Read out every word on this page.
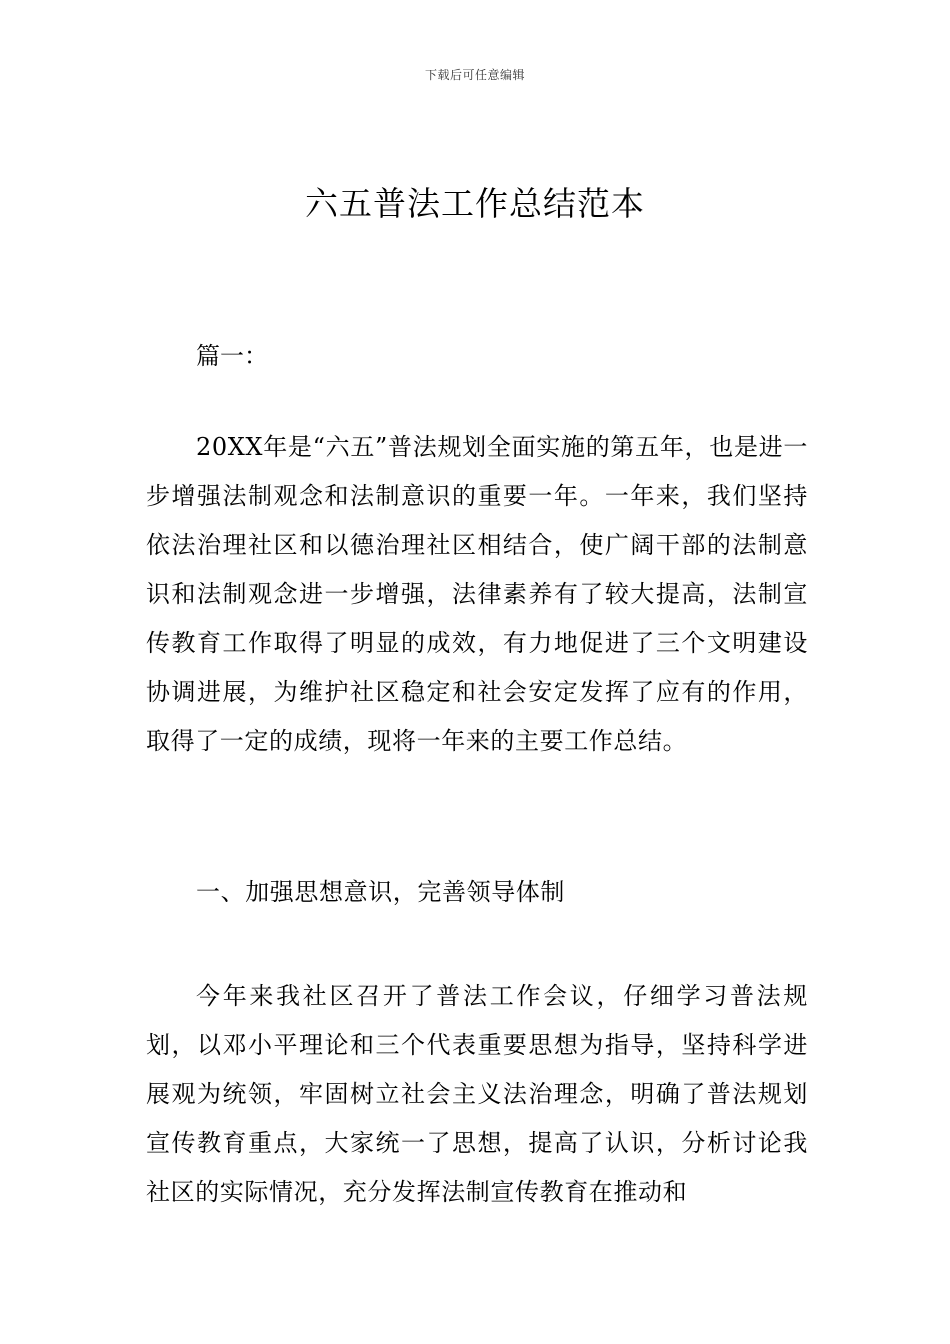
下载后可任意编辑
六五普法工作总结范本

篇一：

20XX年是“六五”普法规划全面实施的第五年，也是进一步增强法制观念和法制意识的重要一年。一年来，我们坚持依法治理社区和以德治理社区相结合，使广阔干部的法制意识和法制观念进一步增强，法律素养有了较大提高，法制宣传教育工作取得了明显的成效，有力地促进了三个文明建设协调进展，为维护社区稳定和社会安定发挥了应有的作用，取得了一定的成绩，现将一年来的主要工作总结。

一、加强思想意识，完善领导体制

今年来我社区召开了普法工作会议，仔细学习普法规划，以邓小平理论和三个代表重要思想为指导，坚持科学进展观为统领，牢固树立社会主义法治理念，明确了普法规划宣传教育重点，大家统一了思想，提高了认识，分析讨论我社区的实际情况，充分发挥法制宣传教育在推动和
